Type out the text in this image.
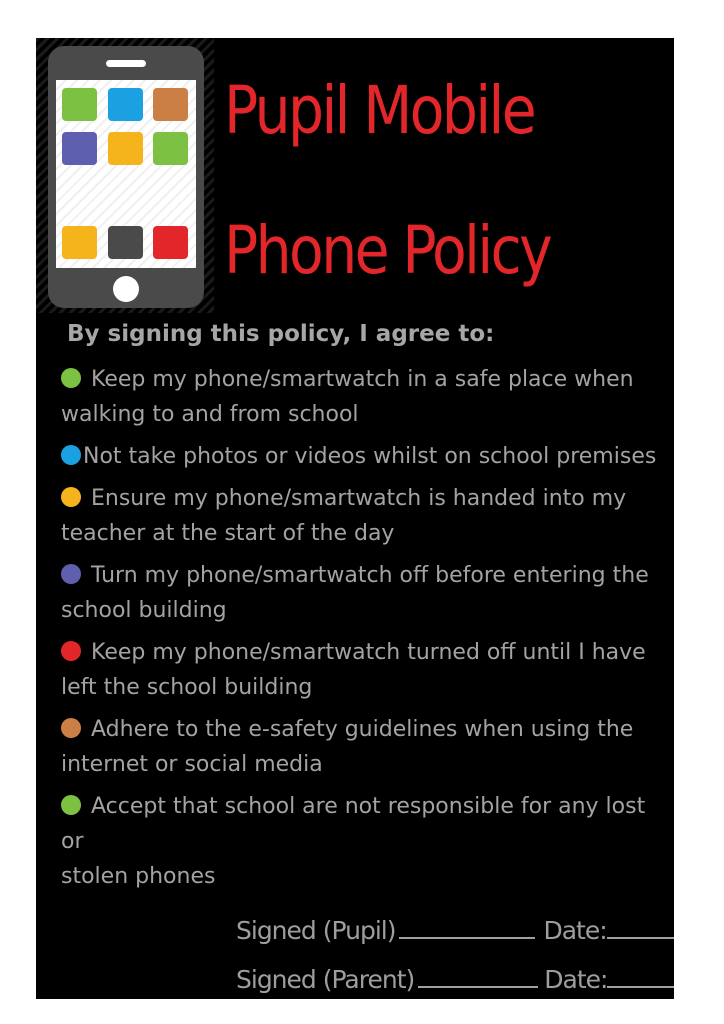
Pupil Mobile
Phone Policy
By signing this policy, I agree to:
Keep my phone/smartwatch in a safe place when
walking to and from school
Not take photos or videos whilst on school premises
Ensure my phone/smartwatch is handed into my
teacher at the start of the day
Turn my phone/smartwatch off before entering the
school building
Keep my phone/smartwatch turned off until I have
left the school building
Adhere to the e-safety guidelines when using the
internet or social media
Accept that school are not responsible for any lost or
stolen phones
Signed (Pupil)	Date:
Signed (Parent)	Date:
